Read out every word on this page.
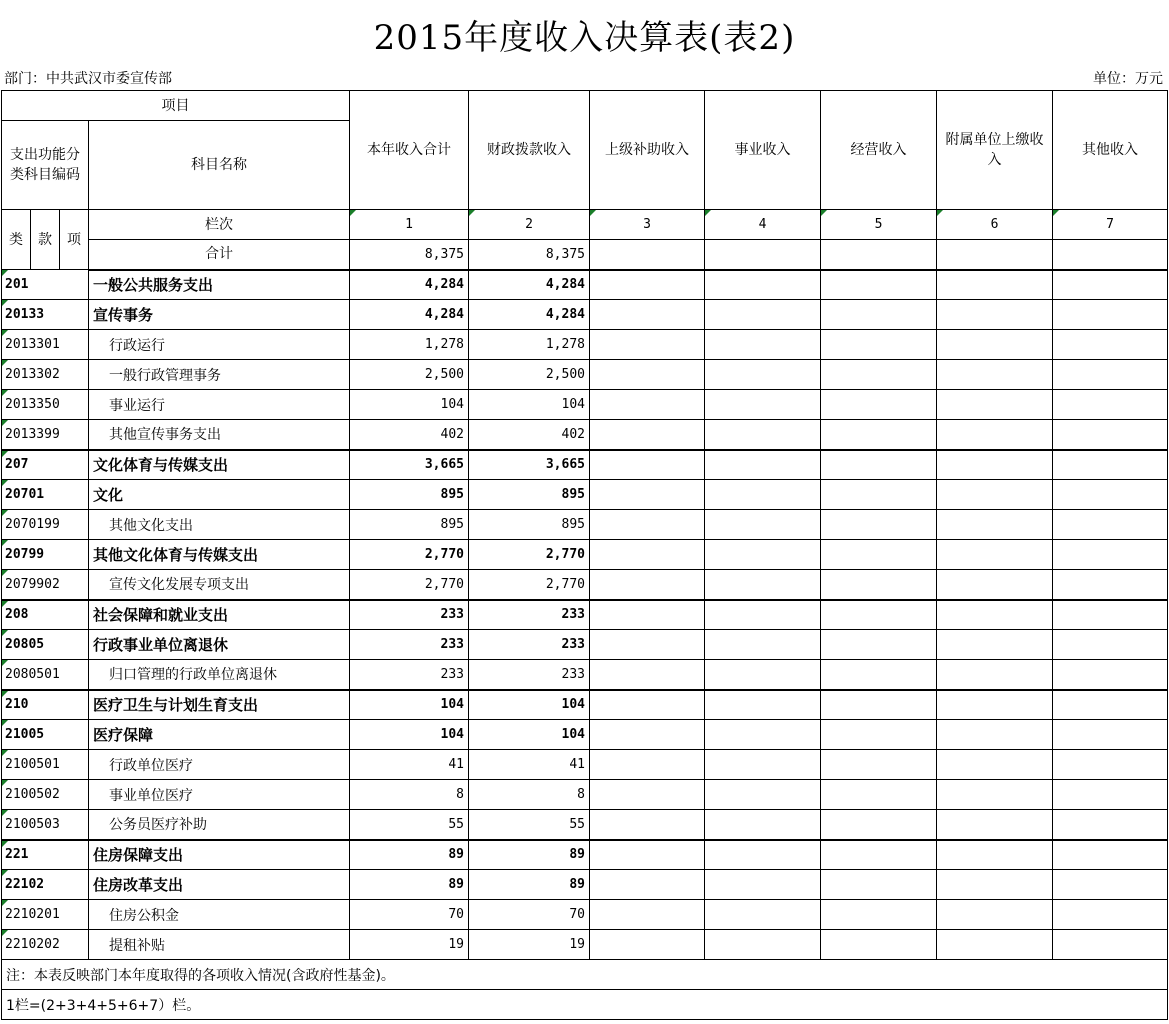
2015年度收入决算表(表2)
部门：中共武汉市委宣传部	单位：万元
项目				本年收入合计	财政拨款收入	上级补助收入	事业收入	经营收入	附属单位上缴收入	其他收入
支出功能分类科目编码			科目名称							
类	款	项	栏次	1	2	3	4	5	6	7
			合计	8,375	8,375					
201			一般公共服务支出	4,284	4,284					
20133			宣传事务	4,284	4,284					
2013301			行政运行	1,278	1,278					
2013302			一般行政管理事务	2,500	2,500					
2013350			事业运行	104	104					
2013399			其他宣传事务支出	402	402					
207			文化体育与传媒支出	3,665	3,665					
20701			文化	895	895					
2070199			其他文化支出	895	895					
20799			其他文化体育与传媒支出	2,770	2,770					
2079902			宣传文化发展专项支出	2,770	2,770					
208			社会保障和就业支出	233	233					
20805			行政事业单位离退休	233	233					
2080501			归口管理的行政单位离退休	233	233					
210			医疗卫生与计划生育支出	104	104					
21005			医疗保障	104	104					
2100501			行政单位医疗	41	41					
2100502			事业单位医疗	8	8					
2100503			公务员医疗补助	55	55					
221			住房保障支出	89	89					
22102			住房改革支出	89	89					
2210201			住房公积金	70	70					
2210202			提租补贴	19	19					
注：本表反映部门本年度取得的各项收入情况(含政府性基金)。										
1栏=(2+3+4+5+6+7）栏。										
